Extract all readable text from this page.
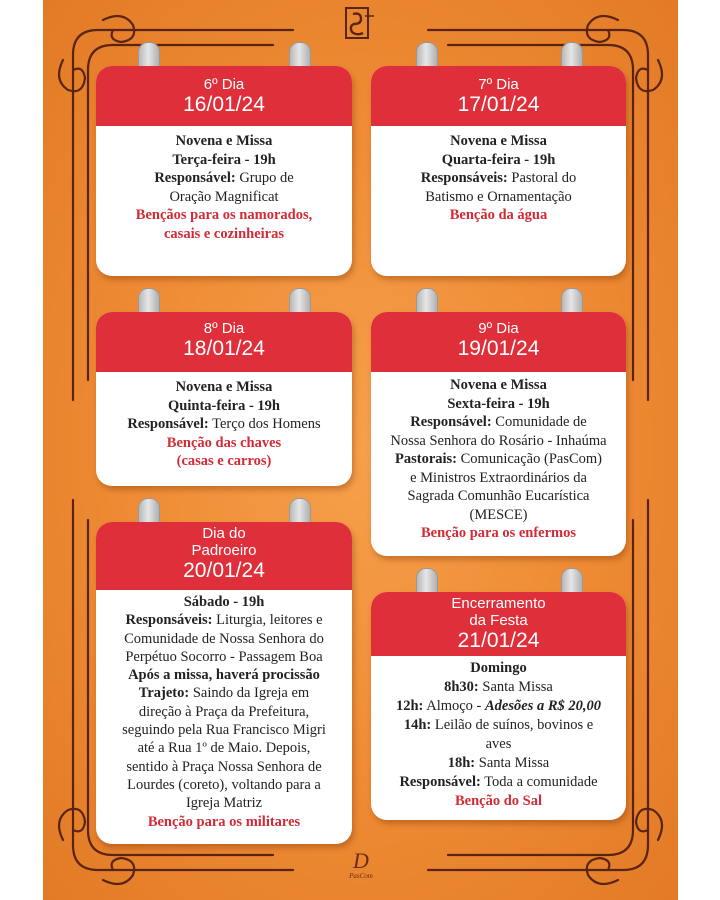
6º Dia
16/01/24
Novena e Missa
Terça-feira - 19h
Responsável: Grupo de
Oração Magnificat
Bençãos para os namorados,
casais e cozinheiras
7º Dia
17/01/24
Novena e Missa
Quarta-feira - 19h
Responsáveis: Pastoral do
Batismo e Ornamentação
Benção da água
8º Dia
18/01/24
Novena e Missa
Quinta-feira - 19h
Responsável: Terço dos Homens
Benção das chaves
(casas e carros)
9º Dia
19/01/24
Novena e Missa
Sexta-feira - 19h
Responsável: Comunidade de
Nossa Senhora do Rosário - Inhaúma
Pastorais: Comunicação (PasCom)
e Ministros Extraordinários da
Sagrada Comunhão Eucarística
(MESCE)
Benção para os enfermos
Dia do
Padroeiro
20/01/24
Sábado - 19h
Responsáveis: Liturgia, leitores e
Comunidade de Nossa Senhora do
Perpétuo Socorro - Passagem Boa
Após a missa, haverá procissão
Trajeto: Saindo da Igreja em
direção à Praça da Prefeitura,
seguindo pela Rua Francisco Migri
até a Rua 1º de Maio. Depois,
sentido à Praça Nossa Senhora de
Lourdes (coreto), voltando para a
Igreja Matriz
Benção para os militares
Encerramento
da Festa
21/01/24
Domingo
8h30: Santa Missa
12h: Almoço - Adesões a R$ 20,00
14h: Leilão de suínos, bovinos e
aves
18h: Santa Missa
Responsável: Toda a comunidade
Benção do Sal
D
PasCom
